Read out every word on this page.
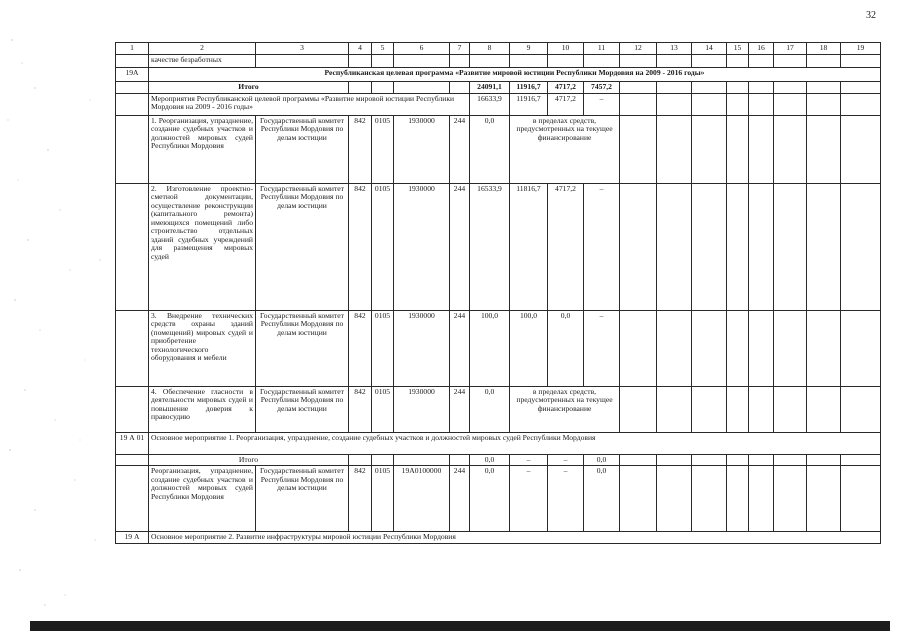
32
1	2	3	4	5	6	7	8	9	10	11	12	13	14	15	16	17	18	19
	качестве безработных																	
19А	Республиканская целевая программа «Развитие мировой юстиции Республики Мордовия на 2009 - 2016 годы»																	
	Итого						24091,1	11916,7	4717,2	7457,2								
	Мероприятия Республиканской целевой программы «Развитие мировой юстиции Республики Мордовия на 2009 - 2016 годы»						16633,9	11916,7	4717,2	–								
	1. Реорганизация, упразднение, создание судебных участков и должностей мировых судей Республики Мордовия	Государственный комитет Республики Мордовия по делам юстиции	842	0105	1930000	244	0,0	в пределах средств, предусмотренных на текущее финансирование										
	2. Изготовление проектно-сметной документации, осуществление реконструкции (капитального ремонта) имеющихся помещений либо строительство отдельных зданий судебных учреждений для размещения мировых судей	Государственный комитет Республики Мордовия по делам юстиции	842	0105	1930000	244	16533,9	11816,7	4717,2	–								
	3. Внедрение технических средств охраны зданий (помещений) мировых судей и приобретение технологического оборудования и мебели	Государственный комитет Республики Мордовия по делам юстиции	842	0105	1930000	244	100,0	100,0	0,0	–								
	4. Обеспечение гласности в деятельности мировых судей и повышение доверия к правосудию	Государственный комитет Республики Мордовия по делам юстиции	842	0105	1930000	244	0,0	в пределах средств, предусмотренных на текущее финансирование										
19 А 01	Основное мероприятие 1. Реорганизация, упразднение, создание судебных участков и должностей мировых судей Республики Мордовия																	
	Итого						0,0	–	–	0,0								
	Реорганизация, упразднение, создание судебных участков и должностей мировых судей Республики Мордовия	Государственный комитет Республики Мордовия по делам юстиции	842	0105	19А0100000	244	0,0	–	–	0,0								
19 А	Основное мероприятие 2. Развитие инфраструктуры мировой юстиции Республики Мордовия																	
